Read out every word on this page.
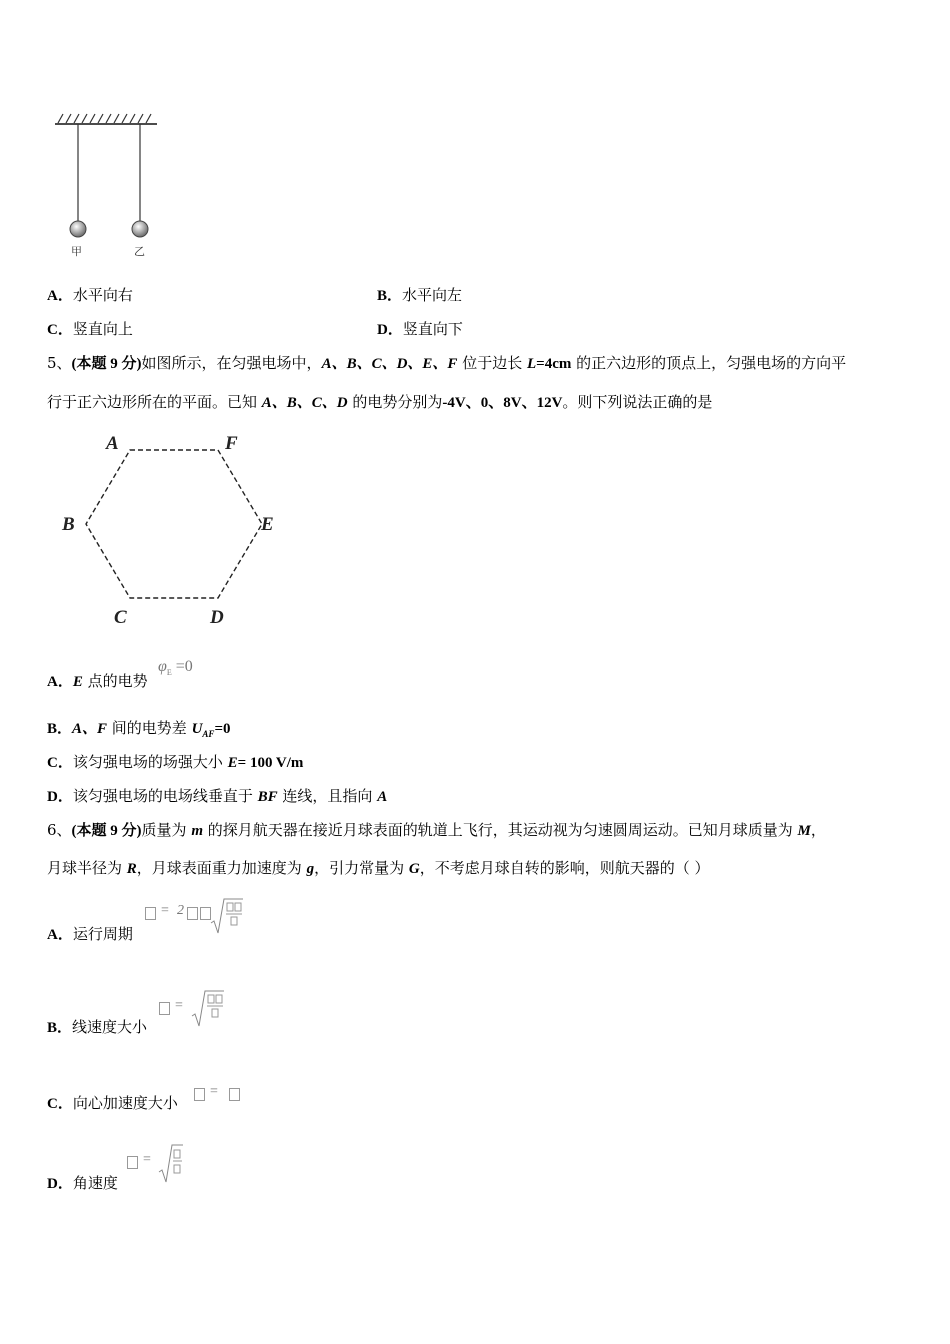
甲	乙
A．水平向右	B．水平向左
C．竖直向上	D．竖直向下
5、(本题 9 分)如图所示，在匀强电场中，A、B、C、D、E、F 位于边长 L=4cm 的正六边形的顶点上，匀强电场的方向平
行于正六边形所在的平面。已知 A、B、C、D 的电势分别为-4V、0、8V、12V。则下列说法正确的是
A	F
B	E
C	D
A．E 点的电势
$\varphi_E =0$
B．A、F 间的电势差 $U_{AF}=0$
C．该匀强电场的场强大小 E= 100 V/m
D．该匀强电场的电场线垂直于 BF 连线，且指向 A
6、(本题 9 分)质量为 m 的探月航天器在接近月球表面的轨道上飞行，其运动视为匀速圆周运动。已知月球质量为 M，
月球半径为 R，月球表面重力加速度为 g，引力常量为 G，不考虑月球自转的影响，则航天器的（ ）
A．运行周期
= 2
B．线速度大小
=
C．向心加速度大小
=
D．角速度
=
